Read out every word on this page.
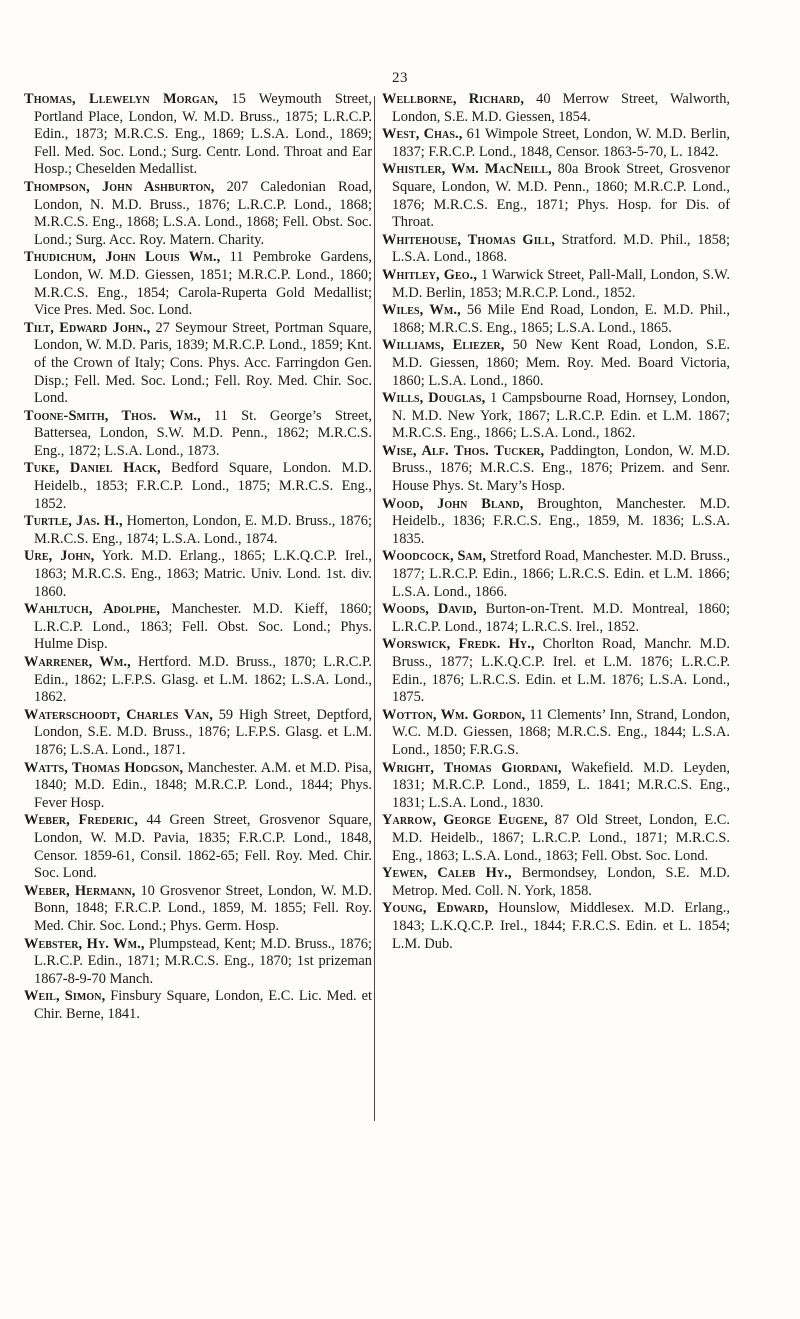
23

Thomas, Llewelyn Morgan, 15 Weymouth Street, Portland Place, London, W. M.D. Bruss., 1875; L.R.C.P. Edin., 1873; M.R.C.S. Eng., 1869; L.S.A. Lond., 1869; Fell. Med. Soc. Lond.; Surg. Centr. Lond. Throat and Ear Hosp.; Cheselden Medallist.

Thompson, John Ashburton, 207 Caledonian Road, London, N. M.D. Bruss., 1876; L.R.C.P. Lond., 1868; M.R.C.S. Eng., 1868; L.S.A. Lond., 1868; Fell. Obst. Soc. Lond.; Surg. Acc. Roy. Matern. Charity.

Thudichum, John Louis Wm., 11 Pembroke Gardens, London, W. M.D. Giessen, 1851; M.R.C.P. Lond., 1860; M.R.C.S. Eng., 1854; Carola-Ruperta Gold Medallist; Vice Pres. Med. Soc. Lond.

Tilt, Edward John., 27 Seymour Street, Portman Square, London, W. M.D. Paris, 1839; M.R.C.P. Lond., 1859; Knt. of the Crown of Italy; Cons. Phys. Acc. Farringdon Gen. Disp.; Fell. Med. Soc. Lond.; Fell. Roy. Med. Chir. Soc. Lond.

Toone-Smith, Thos. Wm., 11 St. George’s Street, Battersea, London, S.W. M.D. Penn., 1862; M.R.C.S. Eng., 1872; L.S.A. Lond., 1873.

Tuke, Daniel Hack, Bedford Square, London. M.D. Heidelb., 1853; F.R.C.P. Lond., 1875; M.R.C.S. Eng., 1852.

Turtle, Jas. H., Homerton, London, E. M.D. Bruss., 1876; M.R.C.S. Eng., 1874; L.S.A. Lond., 1874.

Ure, John, York. M.D. Erlang., 1865; L.K.Q.C.P. Irel., 1863; M.R.C.S. Eng., 1863; Matric. Univ. Lond. 1st. div. 1860.

Wahltuch, Adolphe, Manchester. M.D. Kieff, 1860; L.R.C.P. Lond., 1863; Fell. Obst. Soc. Lond.; Phys. Hulme Disp.

Warrener, Wm., Hertford. M.D. Bruss., 1870; L.R.C.P. Edin., 1862; L.F.P.S. Glasg. et L.M. 1862; L.S.A. Lond., 1862.

Waterschoodt, Charles Van, 59 High Street, Deptford, London, S.E. M.D. Bruss., 1876; L.F.P.S. Glasg. et L.M. 1876; L.S.A. Lond., 1871.

Watts, Thomas Hodgson, Manchester. A.M. et M.D. Pisa, 1840; M.D. Edin., 1848; M.R.C.P. Lond., 1844; Phys. Fever Hosp.

Weber, Frederic, 44 Green Street, Grosvenor Square, London, W. M.D. Pavia, 1835; F.R.C.P. Lond., 1848, Censor. 1859-61, Consil. 1862-65; Fell. Roy. Med. Chir. Soc. Lond.

Weber, Hermann, 10 Grosvenor Street, London, W. M.D. Bonn, 1848; F.R.C.P. Lond., 1859, M. 1855; Fell. Roy. Med. Chir. Soc. Lond.; Phys. Germ. Hosp.

Webster, Hy. Wm., Plumpstead, Kent; M.D. Bruss., 1876; L.R.C.P. Edin., 1871; M.R.C.S. Eng., 1870; 1st prizeman 1867-8-9-70 Manch.

Weil, Simon, Finsbury Square, London, E.C. Lic. Med. et Chir. Berne, 1841.

Wellborne, Richard, 40 Merrow Street, Walworth, London, S.E. M.D. Giessen, 1854.

West, Chas., 61 Wimpole Street, London, W. M.D. Berlin, 1837; F.R.C.P. Lond., 1848, Censor. 1863-5-70, L. 1842.

Whistler, Wm. MacNeill, 80a Brook Street, Grosvenor Square, London, W. M.D. Penn., 1860; M.R.C.P. Lond., 1876; M.R.C.S. Eng., 1871; Phys. Hosp. for Dis. of Throat.

Whitehouse, Thomas Gill, Stratford. M.D. Phil., 1858; L.S.A. Lond., 1868.

Whitley, Geo., 1 Warwick Street, Pall-Mall, London, S.W. M.D. Berlin, 1853; M.R.C.P. Lond., 1852.

Wiles, Wm., 56 Mile End Road, London, E. M.D. Phil., 1868; M.R.C.S. Eng., 1865; L.S.A. Lond., 1865.

Williams, Eliezer, 50 New Kent Road, London, S.E. M.D. Giessen, 1860; Mem. Roy. Med. Board Victoria, 1860; L.S.A. Lond., 1860.

Wills, Douglas, 1 Campsbourne Road, Hornsey, London, N. M.D. New York, 1867; L.R.C.P. Edin. et L.M. 1867; M.R.C.S. Eng., 1866; L.S.A. Lond., 1862.

Wise, Alf. Thos. Tucker, Paddington, London, W. M.D. Bruss., 1876; M.R.C.S. Eng., 1876; Prizem. and Senr. House Phys. St. Mary’s Hosp.

Wood, John Bland, Broughton, Manchester. M.D. Heidelb., 1836; F.R.C.S. Eng., 1859, M. 1836; L.S.A. 1835.

Woodcock, Sam, Stretford Road, Manchester. M.D. Bruss., 1877; L.R.C.P. Edin., 1866; L.R.C.S. Edin. et L.M. 1866; L.S.A. Lond., 1866.

Woods, David, Burton-on-Trent. M.D. Montreal, 1860; L.R.C.P. Lond., 1874; L.R.C.S. Irel., 1852.

Worswick, Fredk. Hy., Chorlton Road, Manchr. M.D. Bruss., 1877; L.K.Q.C.P. Irel. et L.M. 1876; L.R.C.P. Edin., 1876; L.R.C.S. Edin. et L.M. 1876; L.S.A. Lond., 1875.

Wotton, Wm. Gordon, 11 Clements’ Inn, Strand, London, W.C. M.D. Giessen, 1868; M.R.C.S. Eng., 1844; L.S.A. Lond., 1850; F.R.G.S.

Wright, Thomas Giordani, Wakefield. M.D. Leyden, 1831; M.R.C.P. Lond., 1859, L. 1841; M.R.C.S. Eng., 1831; L.S.A. Lond., 1830.

Yarrow, George Eugene, 87 Old Street, London, E.C. M.D. Heidelb., 1867; L.R.C.P. Lond., 1871; M.R.C.S. Eng., 1863; L.S.A. Lond., 1863; Fell. Obst. Soc. Lond.

Yewen, Caleb Hy., Bermondsey, London, S.E. M.D. Metrop. Med. Coll. N. York, 1858.

Young, Edward, Hounslow, Middlesex. M.D. Erlang., 1843; L.K.Q.C.P. Irel., 1844; F.R.C.S. Edin. et L. 1854; L.M. Dub.
